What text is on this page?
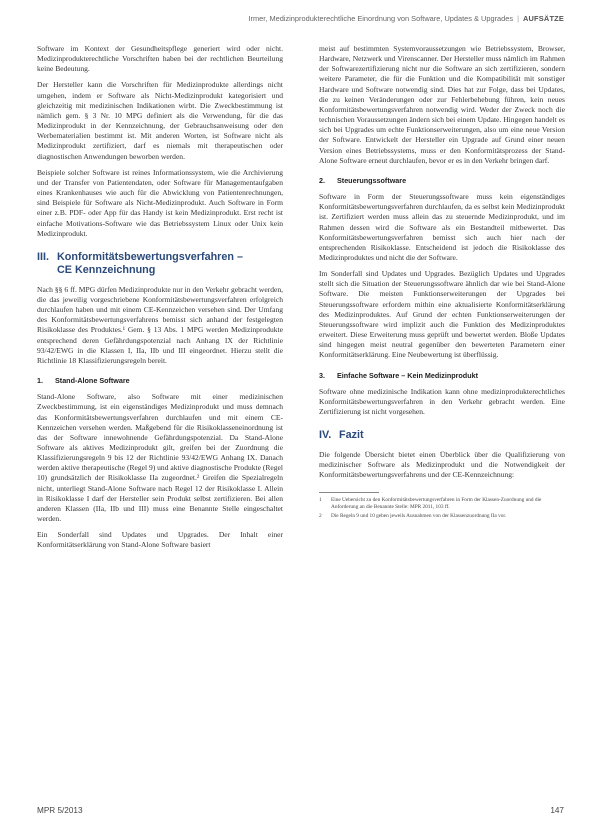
Irmer, Medizinprodukterechtliche Einordnung von Software, Updates & Upgrades | AUFSÄTZE

Software im Kontext der Gesundheitspflege generiert wird oder nicht. Medizinprodukterechtliche Vorschriften haben bei der rechtlichen Beurteilung keine Bedeutung.

Der Hersteller kann die Vorschriften für Medizinprodukte allerdings nicht umgehen, indem er Software als Nicht-Medizinprodukt kategorisiert und gleichzeitig mit medizinischen Indikationen wirbt. Die Zweckbestimmung ist nämlich gem. § 3 Nr. 10 MPG definiert als die Verwendung, für die das Medizinprodukt in der Kennzeichnung, der Gebrauchsanweisung oder den Werbematerialien bestimmt ist. Mit anderen Worten, ist Software nicht als Medizinprodukt zertifiziert, darf es niemals mit therapeutischen oder diagnostischen Anwendungen beworben werden.

Beispiele solcher Software ist reines Informationssystem, wie die Archivierung und der Transfer von Patientendaten, oder Software für Managementaufgaben eines Krankenhauses wie auch für die Abwicklung von Patientenrechnungen, sind Beispiele für Software als Nicht-Medizinprodukt. Auch Software in Form einer z.B. PDF- oder App für das Handy ist kein Medizinprodukt. Erst recht ist einfache Motivations-Software wie das Betriebssystem Linux oder Unix kein Medizinprodukt.

III. Konformitätsbewertungsverfahren –
CE Kennzeichnung

Nach §§ 6 ff. MPG dürfen Medizinprodukte nur in den Verkehr gebracht werden, die das jeweilig vorgeschriebene Konformitätsbewertungsverfahren erfolgreich durchlaufen haben und mit einem CE-Kennzeichen versehen sind. Der Umfang des Konformitätsbewertungsverfahrens bemisst sich anhand der festgelegten Risikoklasse des Produktes.¹ Gem. § 13 Abs. 1 MPG werden Medizinprodukte entsprechend deren Gefährdungspotenzial nach Anhang IX der Richtlinie 93/42/EWG in die Klassen I, IIa, IIb und III eingeordnet. Hierzu stellt die Richtlinie 18 Klassifizierungsregeln bereit.

1. Stand-Alone Software

Stand-Alone Software, also Software mit einer medizinischen Zweckbestimmung, ist ein eigenständiges Medizinprodukt und muss demnach das Konformitätsbewertungsverfahren durchlaufen und mit einem CE-Kennzeichen versehen werden. Maßgebend für die Risikoklasseneinordnung ist das der Software innewohnende Gefährdungspotenzial. Da Stand-Alone Software als aktives Medizinprodukt gilt, greifen bei der Zuordnung die Klassifizierungsregeln 9 bis 12 der Richtlinie 93/42/EWG Anhang IX. Danach werden aktive therapeutische (Regel 9) und aktive diagnostische Produkte (Regel 10) grundsätzlich der Risikoklasse IIa zugeordnet.² Greifen die Spezialregeln nicht, unterliegt Stand-Alone Software nach Regel 12 der Risikoklasse I. Allein in Risikoklasse I darf der Hersteller sein Produkt selbst zertifizieren. Bei allen anderen Klassen (IIa, IIb und III) muss eine Benannte Stelle eingeschaltet werden.

Ein Sonderfall sind Updates und Upgrades. Der Inhalt einer Konformitätserklärung von Stand-Alone Software basiert

meist auf bestimmten Systemvoraussetzungen wie Betriebssystem, Browser, Hardware, Netzwerk und Virenscanner. Der Hersteller muss nämlich im Rahmen der Softwarezertifizierung nicht nur die Software an sich zertifizieren, sondern weitere Parameter, die für die Funktion und die Kompatibilität mit sonstiger Hardware und Software notwendig sind. Dies hat zur Folge, dass bei Updates, die zu keinen Veränderungen oder zur Fehlerbehebung führen, kein neues Konformitätsbewertungsverfahren notwendig wird. Weder der Zweck noch die technischen Voraussetzungen ändern sich bei einem Update. Hingegen handelt es sich bei Upgrades um echte Funktionserweiterungen, also um eine neue Version der Software. Entwickelt der Hersteller ein Upgrade auf Grund einer neuen Version eines Betriebssystems, muss er den Konformitätsprozess der Stand-Alone Software erneut durchlaufen, bevor er es in den Verkehr bringen darf.

2. Steuerungssoftware

Software in Form der Steuerungssoftware muss kein eigenständiges Konformitätsbewertungsverfahren durchlaufen, da es selbst kein Medizinprodukt ist. Zertifiziert werden muss allein das zu steuernde Medizinprodukt, und im Rahmen dessen wird die Software als ein Bestandteil mitbewertet. Das Konformitätsbewertungsverfahren bemisst sich auch hier nach der entsprechenden Risikoklasse. Entscheidend ist jedoch die Risikoklasse des Medizinproduktes und nicht die der Software.

Im Sonderfall sind Updates und Upgrades. Bezüglich Updates und Upgrades stellt sich die Situation der Steuerungssoftware ähnlich dar wie bei Stand-Alone Software. Die meisten Funktionserweiterungen der Upgrades bei Steuerungssoftware erfordern mithin eine aktualisierte Konformitätserklärung des Medizinproduktes. Auf Grund der echten Funktionserweiterungen der Steuerungssoftware wird implizit auch die Funktion des Medizinproduktes erweitert. Diese Erweiterung muss geprüft und bewertet werden. Bloße Updates sind hingegen meist neutral gegenüber den bewerteten Parametern einer Konformitätserklärung. Eine Neubewertung ist überflüssig.

3. Einfache Software – Kein Medizinprodukt

Software ohne medizinische Indikation kann ohne medizinprodukterechtliches Konformitätsbewertungsverfahren in den Verkehr gebracht werden. Eine Zertifizierung ist nicht vorgesehen.

IV. Fazit

Die folgende Übersicht bietet einen Überblick über die Qualifizierung von medizinischer Software als Medizinprodukt und die Notwendigkeit der Konformitätsbewertungsverfahrens und der CE-Kennzeichnung:

1	Eine Uebersicht zu den Konformitätsbewertungsverfahren in Form der Klassen-Zuordnung und die Anforderung an die Benannte Stelle: MPR 2011, 103 ff.
2	Die Regeln 9 und 10 geben jeweils Ausnahmen von der Klassenzuordnung IIa vor.
MPR 5/2013	147
